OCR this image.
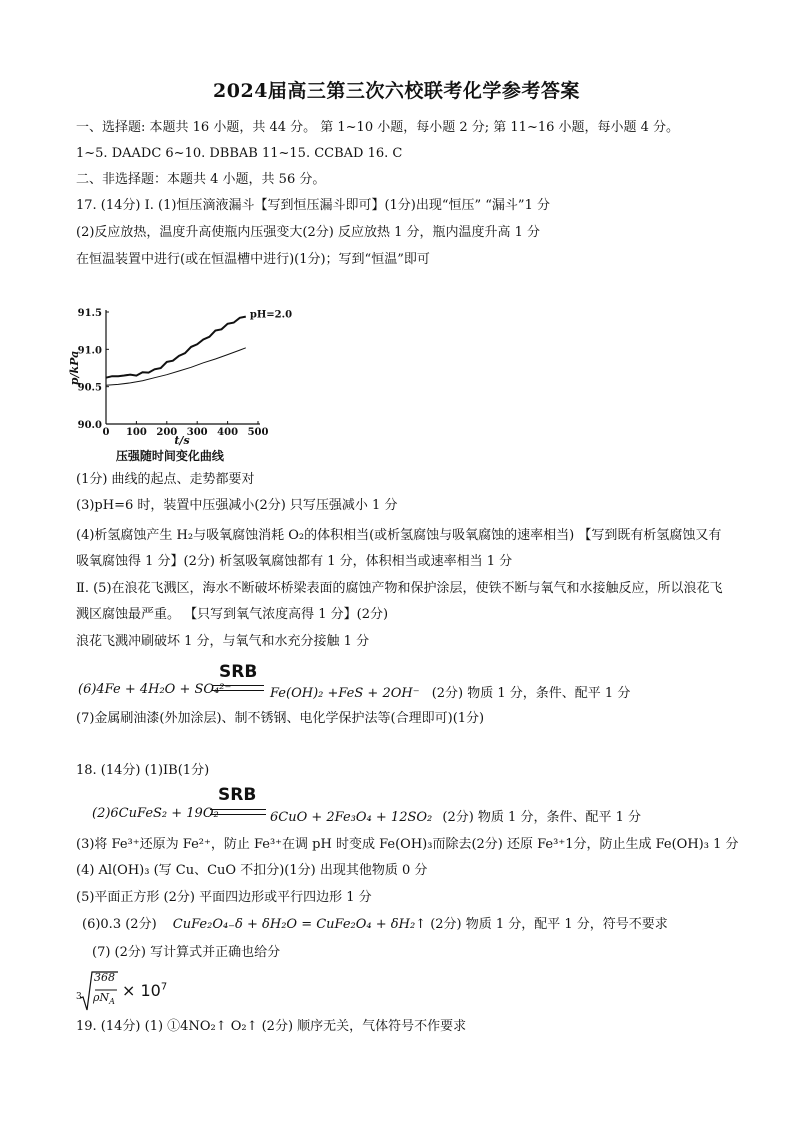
2024届高三第三次六校联考化学参考答案
一、选择题: 本题共 16 小题，共 44 分。 第 1~10 小题，每小题 2 分; 第 11~16 小题，每小题 4 分。
1~5. DAADC 6~10. DBBAB 11~15. CCBAD 16. C
二、非选择题：本题共 4 小题，共 56 分。
17. (14分) Ⅰ. (1)恒压滴液漏斗【写到恒压漏斗即可】(1分)出现“恒压” “漏斗”1 分
(2)反应放热，温度升高使瓶内压强变大(2分) 反应放热 1 分，瓶内温度升高 1 分
在恒温装置中进行(或在恒温槽中进行)(1分)；写到“恒温”即可
0 100 200 300 400 500
90.0
90.5
91.0
91.5
p/kPa
t/s
压强随时间变化曲线
pH=2.0
(1分) 曲线的起点、走势都要对
(3)pH=6 时，装置中压强减小(2分) 只写压强减小 1 分
(4)析氢腐蚀产生 H₂与吸氧腐蚀消耗 O₂的体积相当(或析氢腐蚀与吸氧腐蚀的速率相当) 【写到既有析氢腐蚀又有吸氧腐蚀得 1 分】(2分) 析氢吸氧腐蚀都有 1 分，体积相当或速率相当 1 分
Ⅱ. (5)在浪花飞溅区，海水不断破坏桥梁表面的腐蚀产物和保护涂层，使铁不断与氧气和水接触反应，所以浪花飞溅区腐蚀最严重。 【只写到氧气浓度高得 1 分】(2分)
浪花飞溅冲刷破坏 1 分，与氧气和水充分接触 1 分
(6)4Fe + 4H₂O + SO₄²⁻
SRB
Fe(OH)₂ +FeS + 2OH⁻ (2分) 物质 1 分，条件、配平 1 分
(7)金属刷油漆(外加涂层)、制不锈钢、电化学保护法等(合理即可)(1分)
18. (14分) (1)IB(1分)
(2)6CuFeS₂ + 19O₂
SRB
6CuO + 2Fe₃O₄ + 12SO₂ (2分) 物质 1 分，条件、配平 1 分
(3)将 Fe³⁺还原为 Fe²⁺，防止 Fe³⁺在调 pH 时变成 Fe(OH)₃而除去(2分) 还原 Fe³⁺1分，防止生成 Fe(OH)₃ 1 分
(4) Al(OH)₃ (写 Cu、CuO 不扣分)(1分) 出现其他物质 0 分
(5)平面正方形 (2分) 平面四边形或平行四边形 1 分
(6)0.3 (2分) CuFe₂O₄₋δ + δH₂O = CuFe₂O₄ + δH₂↑ (2分) 物质 1 分，配平 1 分，符号不要求
(7) (2分) 写计算式并正确也给分
3
368
$\rho N_A$
× $10^7$
19. (14分) (1) ①4NO₂↑ O₂↑ (2分) 顺序无关，气体符号不作要求
